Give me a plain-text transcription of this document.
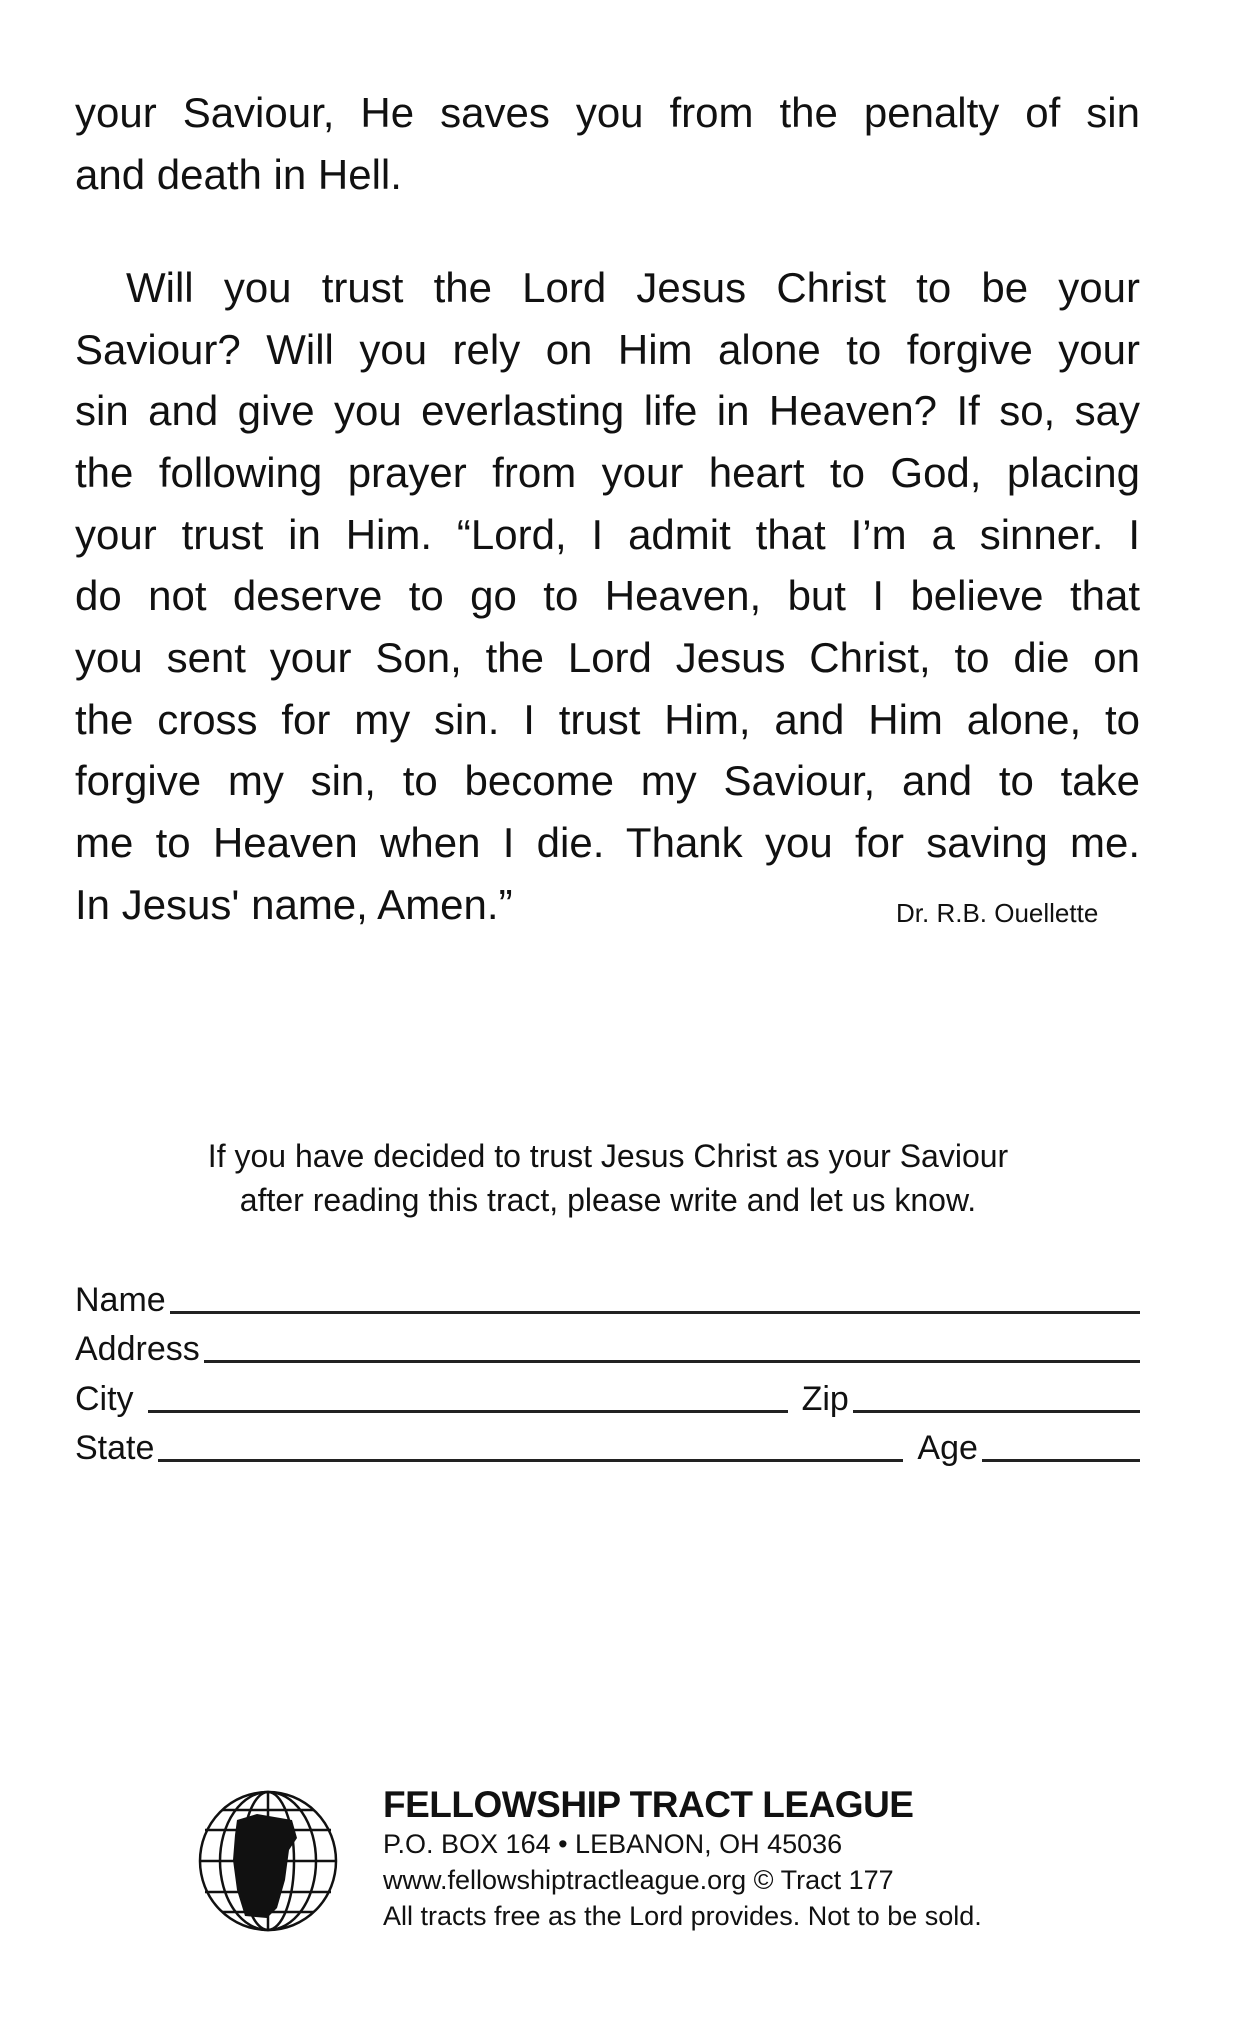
your Saviour, He saves you from the penalty of sin
and death in Hell.
Will you trust the Lord Jesus Christ to be your
Saviour? Will you rely on Him alone to forgive your
sin and give you everlasting life in Heaven? If so, say
the following prayer from your heart to God, placing
your trust in Him. “Lord, I admit that I’m a sinner. I
do not deserve to go to Heaven, but I believe that
you sent your Son, the Lord Jesus Christ, to die on
the cross for my sin. I trust Him, and Him alone, to
forgive my sin, to become my Saviour, and to take
me to Heaven when I die. Thank you for saving me.
In Jesus' name, Amen.”	Dr. R.B. Ouellette
If you have decided to trust Jesus Christ as your Saviour
after reading this tract, please write and let us know.
Name
Address
City	Zip
State	Age
FELLOWSHIP TRACT LEAGUE
P.O. BOX 164 • LEBANON, OH 45036
www.fellowshiptractleague.org © Tract 177
All tracts free as the Lord provides. Not to be sold.
